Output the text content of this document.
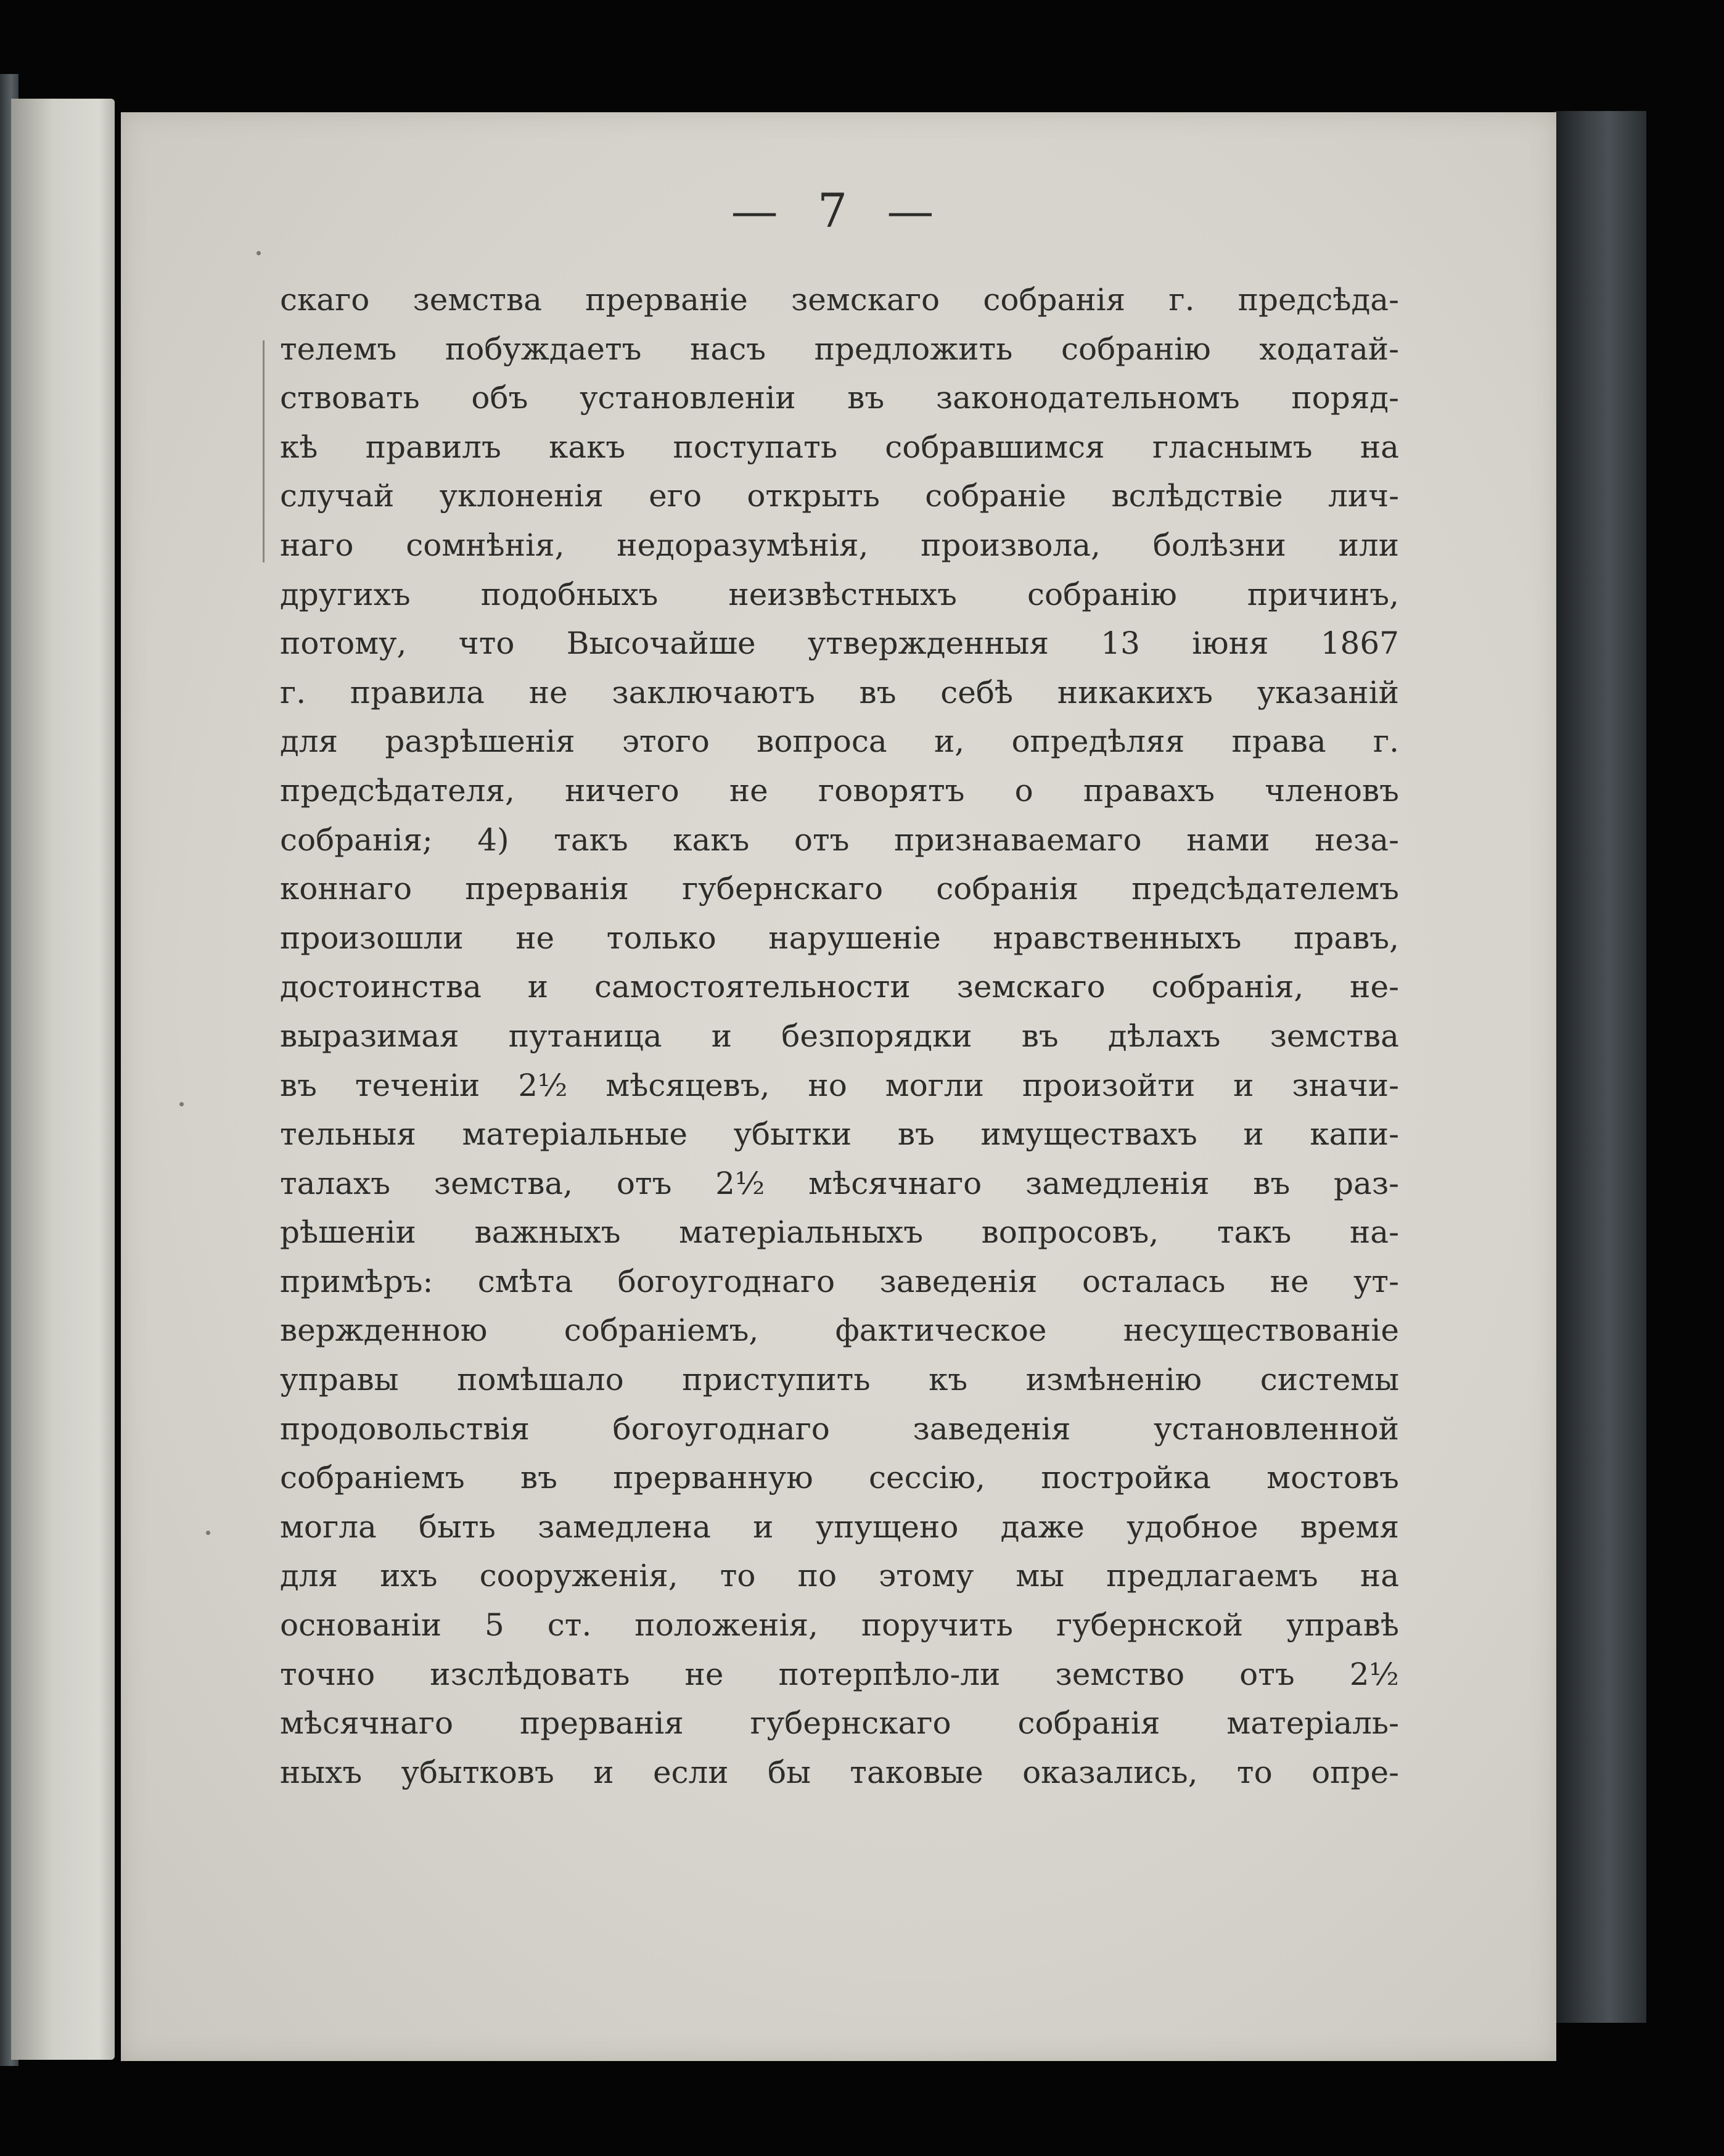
— 7 —
скаго земства прерванiе земскаго собранiя г. предсѣда-
телемъ побуждаетъ насъ предложить собранiю ходатай-
ствовать объ установленiи въ законодательномъ поряд-
кѣ правилъ какъ поступать собравшимся гласнымъ на
случай уклоненiя его открыть собранiе вслѣдствiе лич-
наго сомнѣнiя, недоразумѣнiя, произвола, болѣзни или
другихъ подобныхъ неизвѣстныхъ собранiю причинъ,
потому, что Высочайше утвержденныя 13 iюня 1867
г. правила не заключаютъ въ себѣ никакихъ указанiй
для разрѣшенiя этого вопроса и, опредѣляя права г.
предсѣдателя, ничего не говорятъ о правахъ членовъ
собранiя; 4) такъ какъ отъ признаваемаго нами неза-
коннаго прерванiя губернскаго собранiя предсѣдателемъ
произошли не только нарушенiе нравственныхъ правъ,
достоинства и самостоятельности земскаго собранiя, не-
выразимая путаница и безпорядки въ дѣлахъ земства
въ теченiи 2½ мѣсяцевъ, но могли произойти и значи-
тельныя матерiальные убытки въ имуществахъ и капи-
талахъ земства, отъ 2½ мѣсячнаго замедленiя въ раз-
рѣшенiи важныхъ матерiальныхъ вопросовъ, такъ на-
примѣръ: смѣта богоугоднаго заведенiя осталась не ут-
вержденною собранiемъ, фактическое несуществованiе
управы помѣшало приступить къ измѣненiю системы
продовольствiя богоугоднаго заведенiя установленной
собранiемъ въ прерванную сессiю, постройка мостовъ
могла быть замедлена и упущено даже удобное время
для ихъ сооруженiя, то по этому мы предлагаемъ на
основанiи 5 ст. положенiя, поручить губернской управѣ
точно изслѣдовать не потерпѣло-ли земство отъ 2½
мѣсячнаго прерванiя губернскаго собранiя матерiаль-
ныхъ убытковъ и если бы таковые оказались, то опре-
